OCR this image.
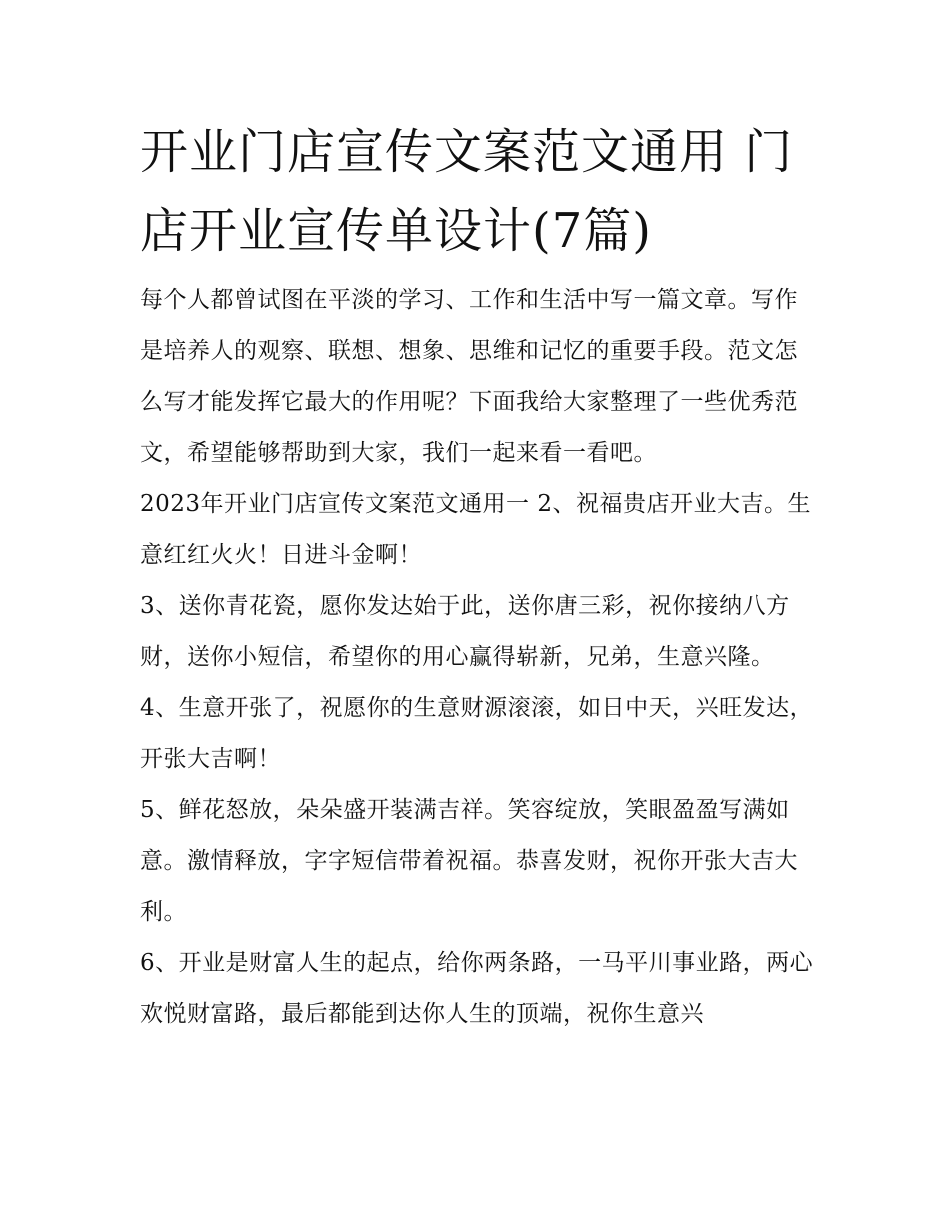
开业门店宣传文案范文通用 门店开业宣传单设计(7篇)

每个人都曾试图在平淡的学习、工作和生活中写一篇文章。写作是培养人的观察、联想、想象、思维和记忆的重要手段。范文怎么写才能发挥它最大的作用呢？下面我给大家整理了一些优秀范文，希望能够帮助到大家，我们一起来看一看吧。

2023年开业门店宣传文案范文通用一 2、祝福贵店开业大吉。生意红红火火！日进斗金啊！

3、送你青花瓷，愿你发达始于此，送你唐三彩，祝你接纳八方财，送你小短信，希望你的用心赢得崭新，兄弟，生意兴隆。

4、生意开张了，祝愿你的生意财源滚滚，如日中天，兴旺发达，开张大吉啊！

5、鲜花怒放，朵朵盛开装满吉祥。笑容绽放，笑眼盈盈写满如意。激情释放，字字短信带着祝福。恭喜发财，祝你开张大吉大利。

6、开业是财富人生的起点，给你两条路，一马平川事业路，两心欢悦财富路，最后都能到达你人生的顶端，祝你生意兴
